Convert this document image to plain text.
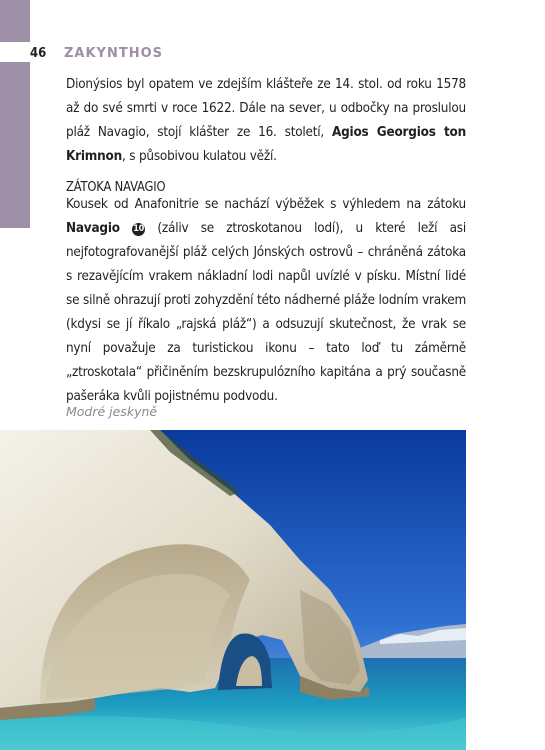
46 ZAKYNTHOS
Dionýsios byl opatem ve zdejším klášteře ze 14. stol. od roku 1578 až do své smrti v roce 1622. Dále na sever, u odbočky na proslulou pláž Navagio, stojí klášter ze 16. století, Agios Georgios ton Krimnon, s působivou kulatou věží.
ZÁTOKA NAVAGIO
Kousek od Anafonitrie se nachází výběžek s výhledem na zátoku Navagio 10 (záliv se ztroskotanou lodí), u které leží asi nejfotografovanější pláž celých Jónských ostrovů – chráněná zátoka s rezavějícím vrakem nákladní lodi napůl uvízlé v písku. Místní lidé se silně ohrazují proti zohyzdění této nádherné pláže lodním vrakem (kdysi se jí říkalo „rajská pláž“) a odsuzují skutečnost, že vrak se nyní považuje za turistickou ikonu – tato loď tu záměrně „ztroskotala“ přičiněním bezskrupulózního kapitána a prý současně pašeráka kvůli pojistnému podvodu.
Modré jeskyně
